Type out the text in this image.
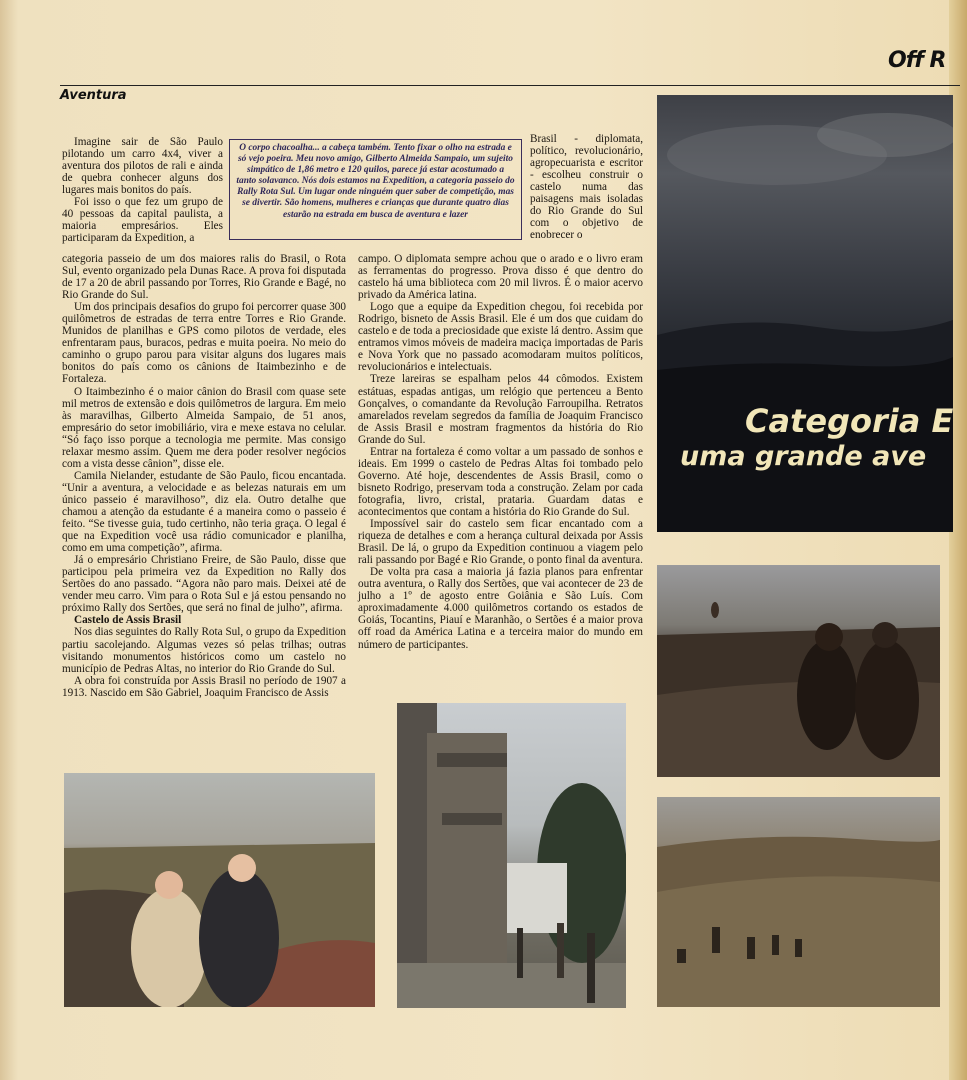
Off R
Aventura

Imagine sair de São Paulo pilotando um carro 4x4, viver a aventura dos pilotos de rali e ainda de quebra conhecer alguns dos lugares mais bonitos do país.

Foi isso o que fez um grupo de 40 pessoas da capital paulista, a maioria empresários. Eles participaram da Expedition, a

O corpo chacoalha... a cabeça também. Tento fixar o olho na estrada e só vejo poeira. Meu novo amigo, Gilberto Almeida Sampaio, um sujeito simpático de 1,86 metro e 120 quilos, parece já estar acostumado a tanto solavanco. Nós dois estamos na Expedition, a categoria passeio do Rally Rota Sul. Um lugar onde ninguém quer saber de competição, mas se divertir. São homens, mulheres e crianças que durante quatro dias estarão na estrada em busca de aventura e lazer

categoria passeio de um dos maiores ralis do Brasil, o Rota Sul, evento organizado pela Dunas Race. A prova foi disputada de 17 a 20 de abril passando por Torres, Rio Grande e Bagé, no Rio Grande do Sul.

Um dos principais desafios do grupo foi percorrer quase 300 quilômetros de estradas de terra entre Torres e Rio Grande. Munidos de planilhas e GPS como pilotos de verdade, eles enfrentaram paus, buracos, pedras e muita poeira. No meio do caminho o grupo parou para visitar alguns dos lugares mais bonitos do país como os cânions de Itaimbezinho e de Fortaleza.

O Itaimbezinho é o maior cânion do Brasil com quase sete mil metros de extensão e dois quilômetros de largura. Em meio às maravilhas, Gilberto Almeida Sampaio, de 51 anos, empresário do setor imobiliário, vira e mexe estava no celular. “Só faço isso porque a tecnologia me permite. Mas consigo relaxar mesmo assim. Quem me dera poder resolver negócios com a vista desse cânion”, disse ele.

Camila Nielander, estudante de São Paulo, ficou encantada. “Unir a aventura, a velocidade e as belezas naturais em um único passeio é maravilhoso”, diz ela. Outro detalhe que chamou a atenção da estudante é a maneira como o passeio é feito. “Se tivesse guia, tudo certinho, não teria graça. O legal é que na Expedition você usa rádio comunicador e planilha, como em uma competição”, afirma.

Já o empresário Christiano Freire, de São Paulo, disse que participou pela primeira vez da Expedition no Rally dos Sertões do ano passado. “Agora não paro mais. Deixei até de vender meu carro. Vim para o Rota Sul e já estou pensando no próximo Rally dos Sertões, que será no final de julho”, afirma.

Castelo de Assis Brasil

Nos dias seguintes do Rally Rota Sul, o grupo da Expedition partiu sacolejando. Algumas vezes só pelas trilhas; outras visitando monumentos históricos como um castelo no município de Pedras Altas, no interior do Rio Grande do Sul.

A obra foi construída por Assis Brasil no período de 1907 a 1913. Nascido em São Gabriel, Joaquim Francisco de Assis

Brasil - diplomata, político, revolucionário, agropecuarista e escritor - escolheu construir o castelo numa das paisagens mais isoladas do Rio Grande do Sul com o objetivo de enobrecer o

campo. O diplomata sempre achou que o arado e o livro eram as ferramentas do progresso. Prova disso é que dentro do castelo há uma biblioteca com 20 mil livros. É o maior acervo privado da América latina.

Logo que a equipe da Expedition chegou, foi recebida por Rodrigo, bisneto de Assis Brasil. Ele é um dos que cuidam do castelo e de toda a preciosidade que existe lá dentro. Assim que entramos vimos móveis de madeira maciça importadas de Paris e Nova York que no passado acomodaram muitos políticos, revolucionários e intelectuais.

Treze lareiras se espalham pelos 44 cômodos. Existem estátuas, espadas antigas, um relógio que pertenceu a Bento Gonçalves, o comandante da Revolução Farroupilha. Retratos amarelados revelam segredos da família de Joaquim Francisco de Assis Brasil e mostram fragmentos da história do Rio Grande do Sul.

Entrar na fortaleza é como voltar a um passado de sonhos e ideais. Em 1999 o castelo de Pedras Altas foi tombado pelo Governo. Até hoje, descendentes de Assis Brasil, como o bisneto Rodrigo, preservam toda a construção. Zelam por cada fotografia, livro, cristal, prataria. Guardam datas e acontecimentos que contam a história do Rio Grande do Sul.

Impossível sair do castelo sem ficar encantado com a riqueza de detalhes e com a herança cultural deixada por Assis Brasil. De lá, o grupo da Expedition continuou a viagem pelo rali passando por Bagé e Rio Grande, o ponto final da aventura.

De volta pra casa a maioria já fazia planos para enfrentar outra aventura, o Rally dos Sertões, que vai acontecer de 23 de julho a 1º de agosto entre Goiânia e São Luís. Com aproximadamente 4.000 quilômetros cortando os estados de Goiás, Tocantins, Piauí e Maranhão, o Sertões é a maior prova off road da América Latina e a terceira maior do mundo em número de participantes.

Categoria E
uma grande ave
